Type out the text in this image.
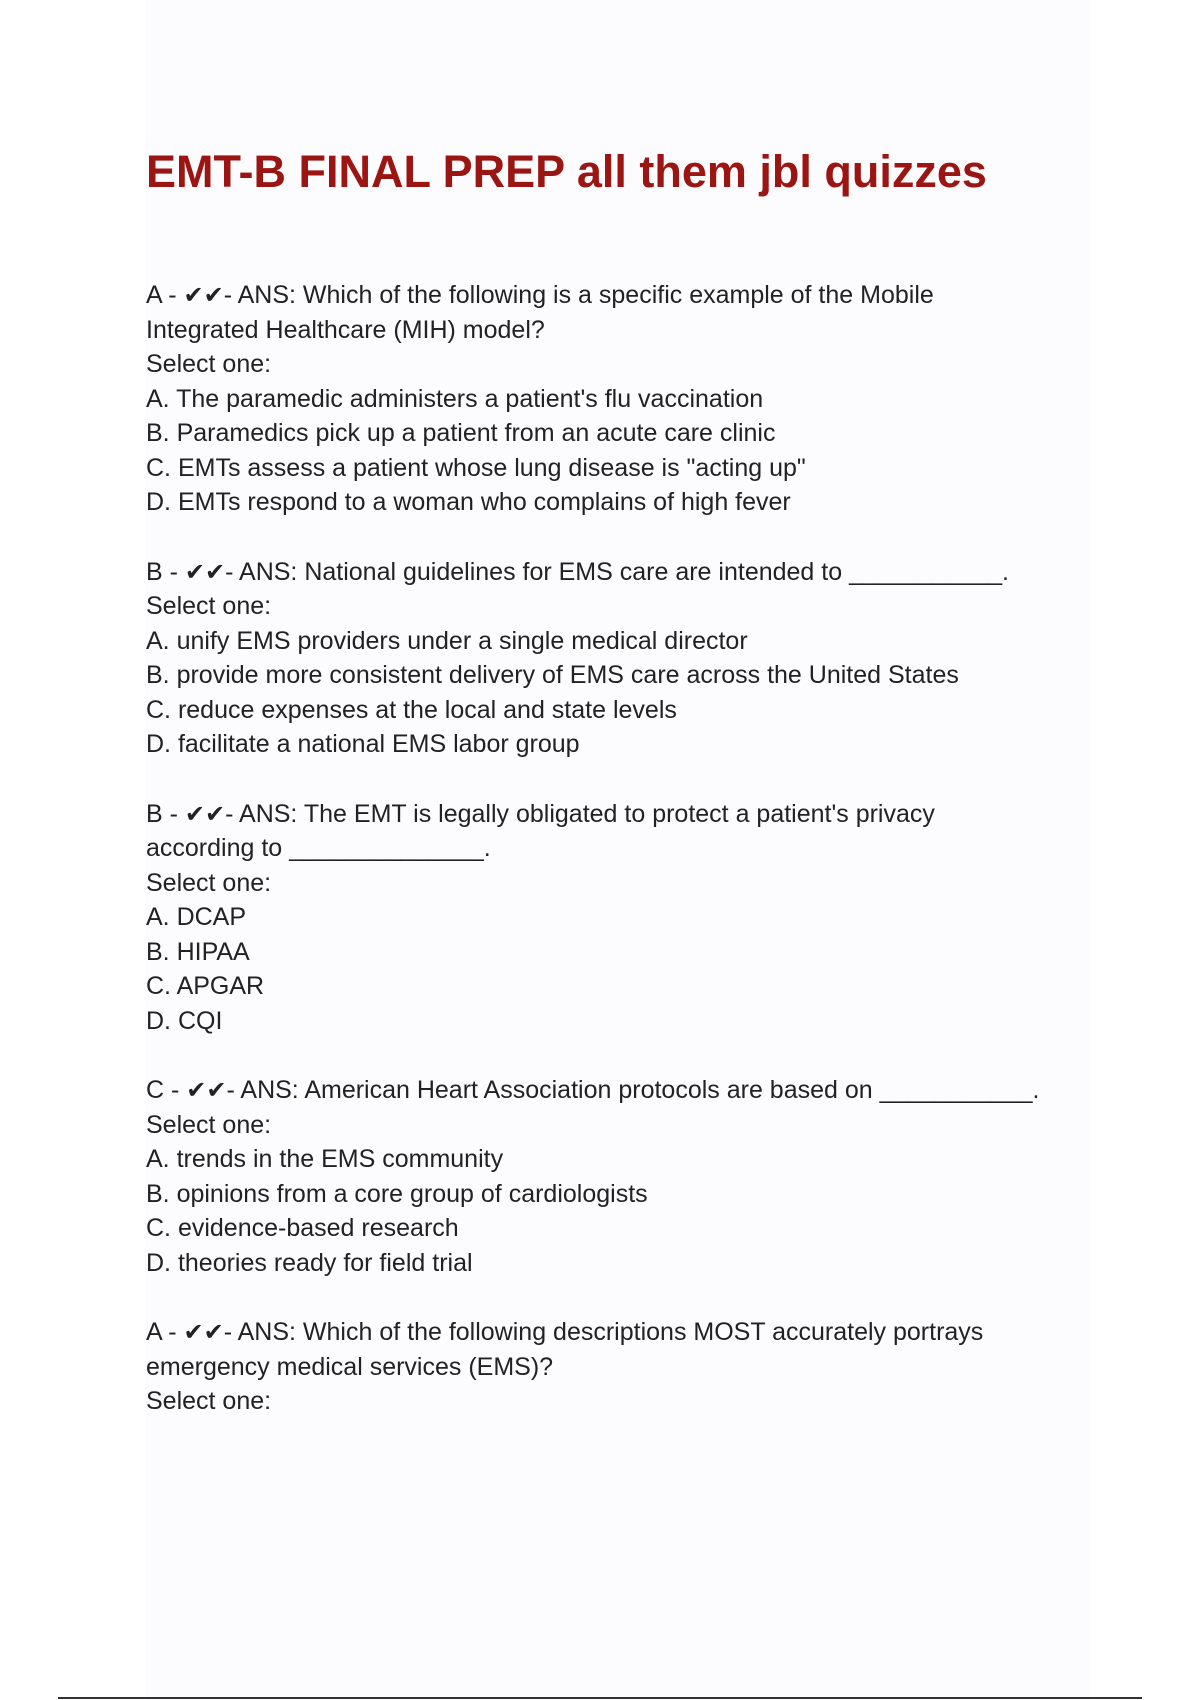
EMT-B FINAL PREP all them jbl quizzes
A - ✔✔- ANS: Which of the following is a specific example of the Mobile
Integrated Healthcare (MIH) model?
Select one:
A. The paramedic administers a patient's flu vaccination
B. Paramedics pick up a patient from an acute care clinic
C. EMTs assess a patient whose lung disease is "acting up"
D. EMTs respond to a woman who complains of high fever
B - ✔✔- ANS: National guidelines for EMS care are intended to ___________.
Select one:
A. unify EMS providers under a single medical director
B. provide more consistent delivery of EMS care across the United States
C. reduce expenses at the local and state levels
D. facilitate a national EMS labor group
B - ✔✔- ANS: The EMT is legally obligated to protect a patient's privacy
according to ______________.
Select one:
A. DCAP
B. HIPAA
C. APGAR
D. CQI
C - ✔✔- ANS: American Heart Association protocols are based on ___________.
Select one:
A. trends in the EMS community
B. opinions from a core group of cardiologists
C. evidence-based research
D. theories ready for field trial
A - ✔✔- ANS: Which of the following descriptions MOST accurately portrays
emergency medical services (EMS)?
Select one:
